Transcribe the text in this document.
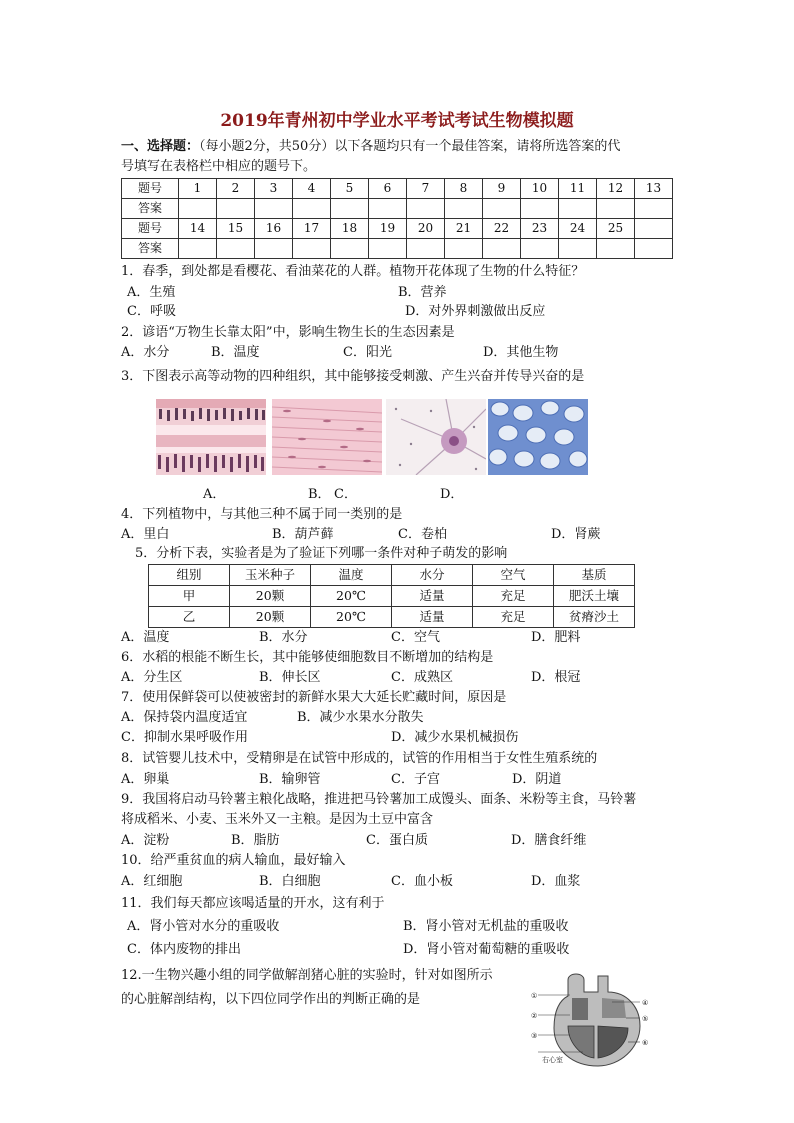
2019年青州初中学业水平考试考试生物模拟题
一、选择题：（每小题2分，共50分）以下各题均只有一个最佳答案，请将所选答案的代
号填写在表格栏中相应的题号下。
题号	1	2	3	4	5	6	7	8	9	10	11	12	13
答案													
题号	14	15	16	17	18	19	20	21	22	23	24	25	
答案													
1．春季，到处都是看樱花、看油菜花的人群。植物开花体现了生物的什么特征？
A．生殖	B．营养
C．呼吸	D．对外界刺激做出反应
2．谚语“万物生长靠太阳”中，影响生物生长的生态因素是
A．水分	B．温度	C．阳光	D．其他生物
3．下图表示高等动物的四种组织，其中能够接受刺激、产生兴奋并传导兴奋的是
A．	B． C．	D．
4．下列植物中，与其他三种不属于同一类别的是
A．里白	B．葫芦藓	C．卷柏	D．肾蕨
5．分析下表，实验者是为了验证下列哪一条件对种子萌发的影响
组别	玉米种子	温度	水分	空气	基质
甲	20颗	20℃	适量	充足	肥沃土壤
乙	20颗	20℃	适量	充足	贫瘠沙土
A．温度	B．水分	C．空气	D．肥料
6．水稻的根能不断生长，其中能够使细胞数目不断增加的结构是
A．分生区	B．伸长区	C．成熟区	D．根冠
7．使用保鲜袋可以使被密封的新鲜水果大大延长贮藏时间，原因是
A．保持袋内温度适宜	B．减少水果水分散失
C．抑制水果呼吸作用	D．减少水果机械损伤
8．试管婴儿技术中，受精卵是在试管中形成的，试管的作用相当于女性生殖系统的
A．卵巢	B．输卵管	C．子宫	D．阴道
9．我国将启动马铃薯主粮化战略，推进把马铃薯加工成馒头、面条、米粉等主食，马铃薯
将成稻米、小麦、玉米外又一主粮。是因为土豆中富含
A．淀粉	B．脂肪	C．蛋白质	D．膳食纤维
10．给严重贫血的病人输血，最好输入
A．红细胞	B．白细胞	C．血小板	D．血浆
11．我们每天都应该喝适量的开水，这有利于
A．肾小管对水分的重吸收	B．肾小管对无机盐的重吸收
C．体内废物的排出	D．肾小管对葡萄糖的重吸收
12.一生物兴趣小组的同学做解剖猪心脏的实验时，针对如图所示
的心脏解剖结构，以下四位同学作出的判断正确的是	①
②
③
④
⑤
⑥
右心室
